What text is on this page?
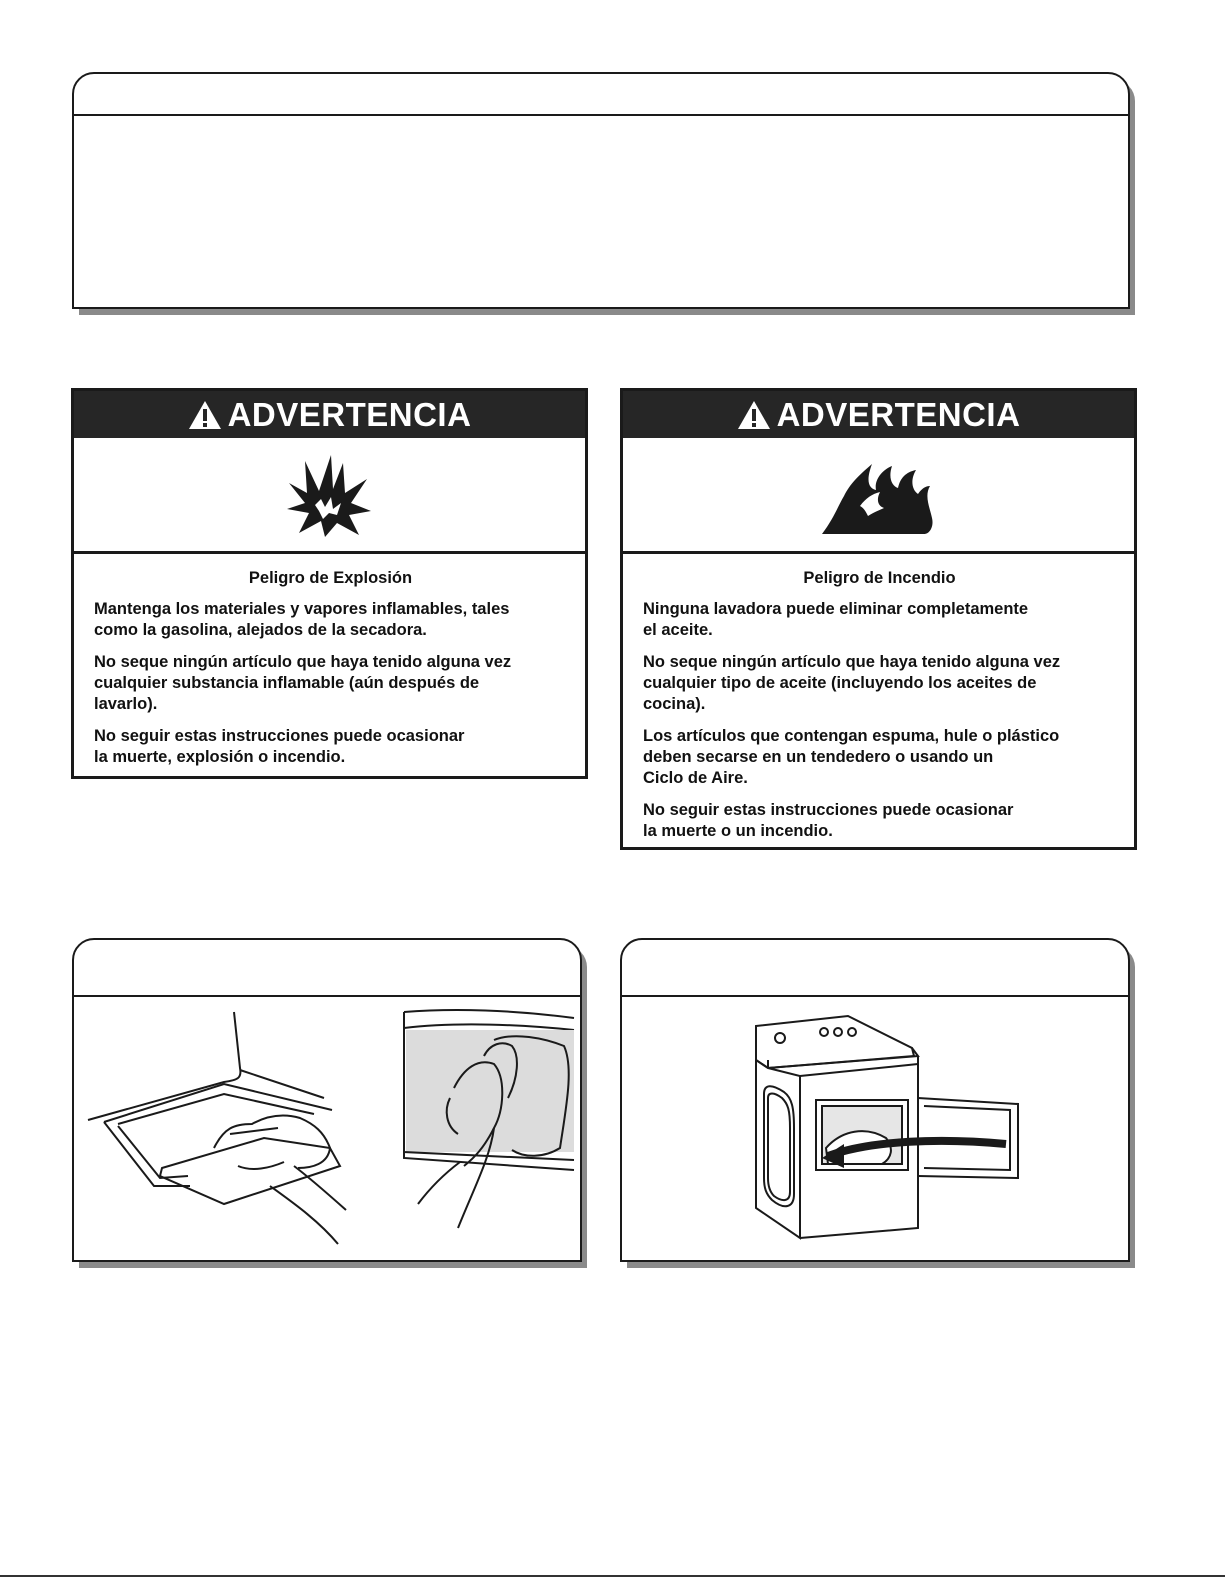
ADVERTENCIA
Peligro de Explosión

Mantenga los materiales y vapores inflamables, tales
como la gasolina, alejados de la secadora.

No seque ningún artículo que haya tenido alguna vez
cualquier substancia inflamable (aún después de
lavarlo).

No seguir estas instrucciones puede ocasionar
la muerte, explosión o incendio.

ADVERTENCIA
Peligro de Incendio

Ninguna lavadora puede eliminar completamente
el aceite.

No seque ningún artículo que haya tenido alguna vez
cualquier tipo de aceite (incluyendo los aceites de
cocina).

Los artículos que contengan espuma, hule o plástico
deben secarse en un tendedero o usando un
Ciclo de Aire.

No seguir estas instrucciones puede ocasionar
la muerte o un incendio.
